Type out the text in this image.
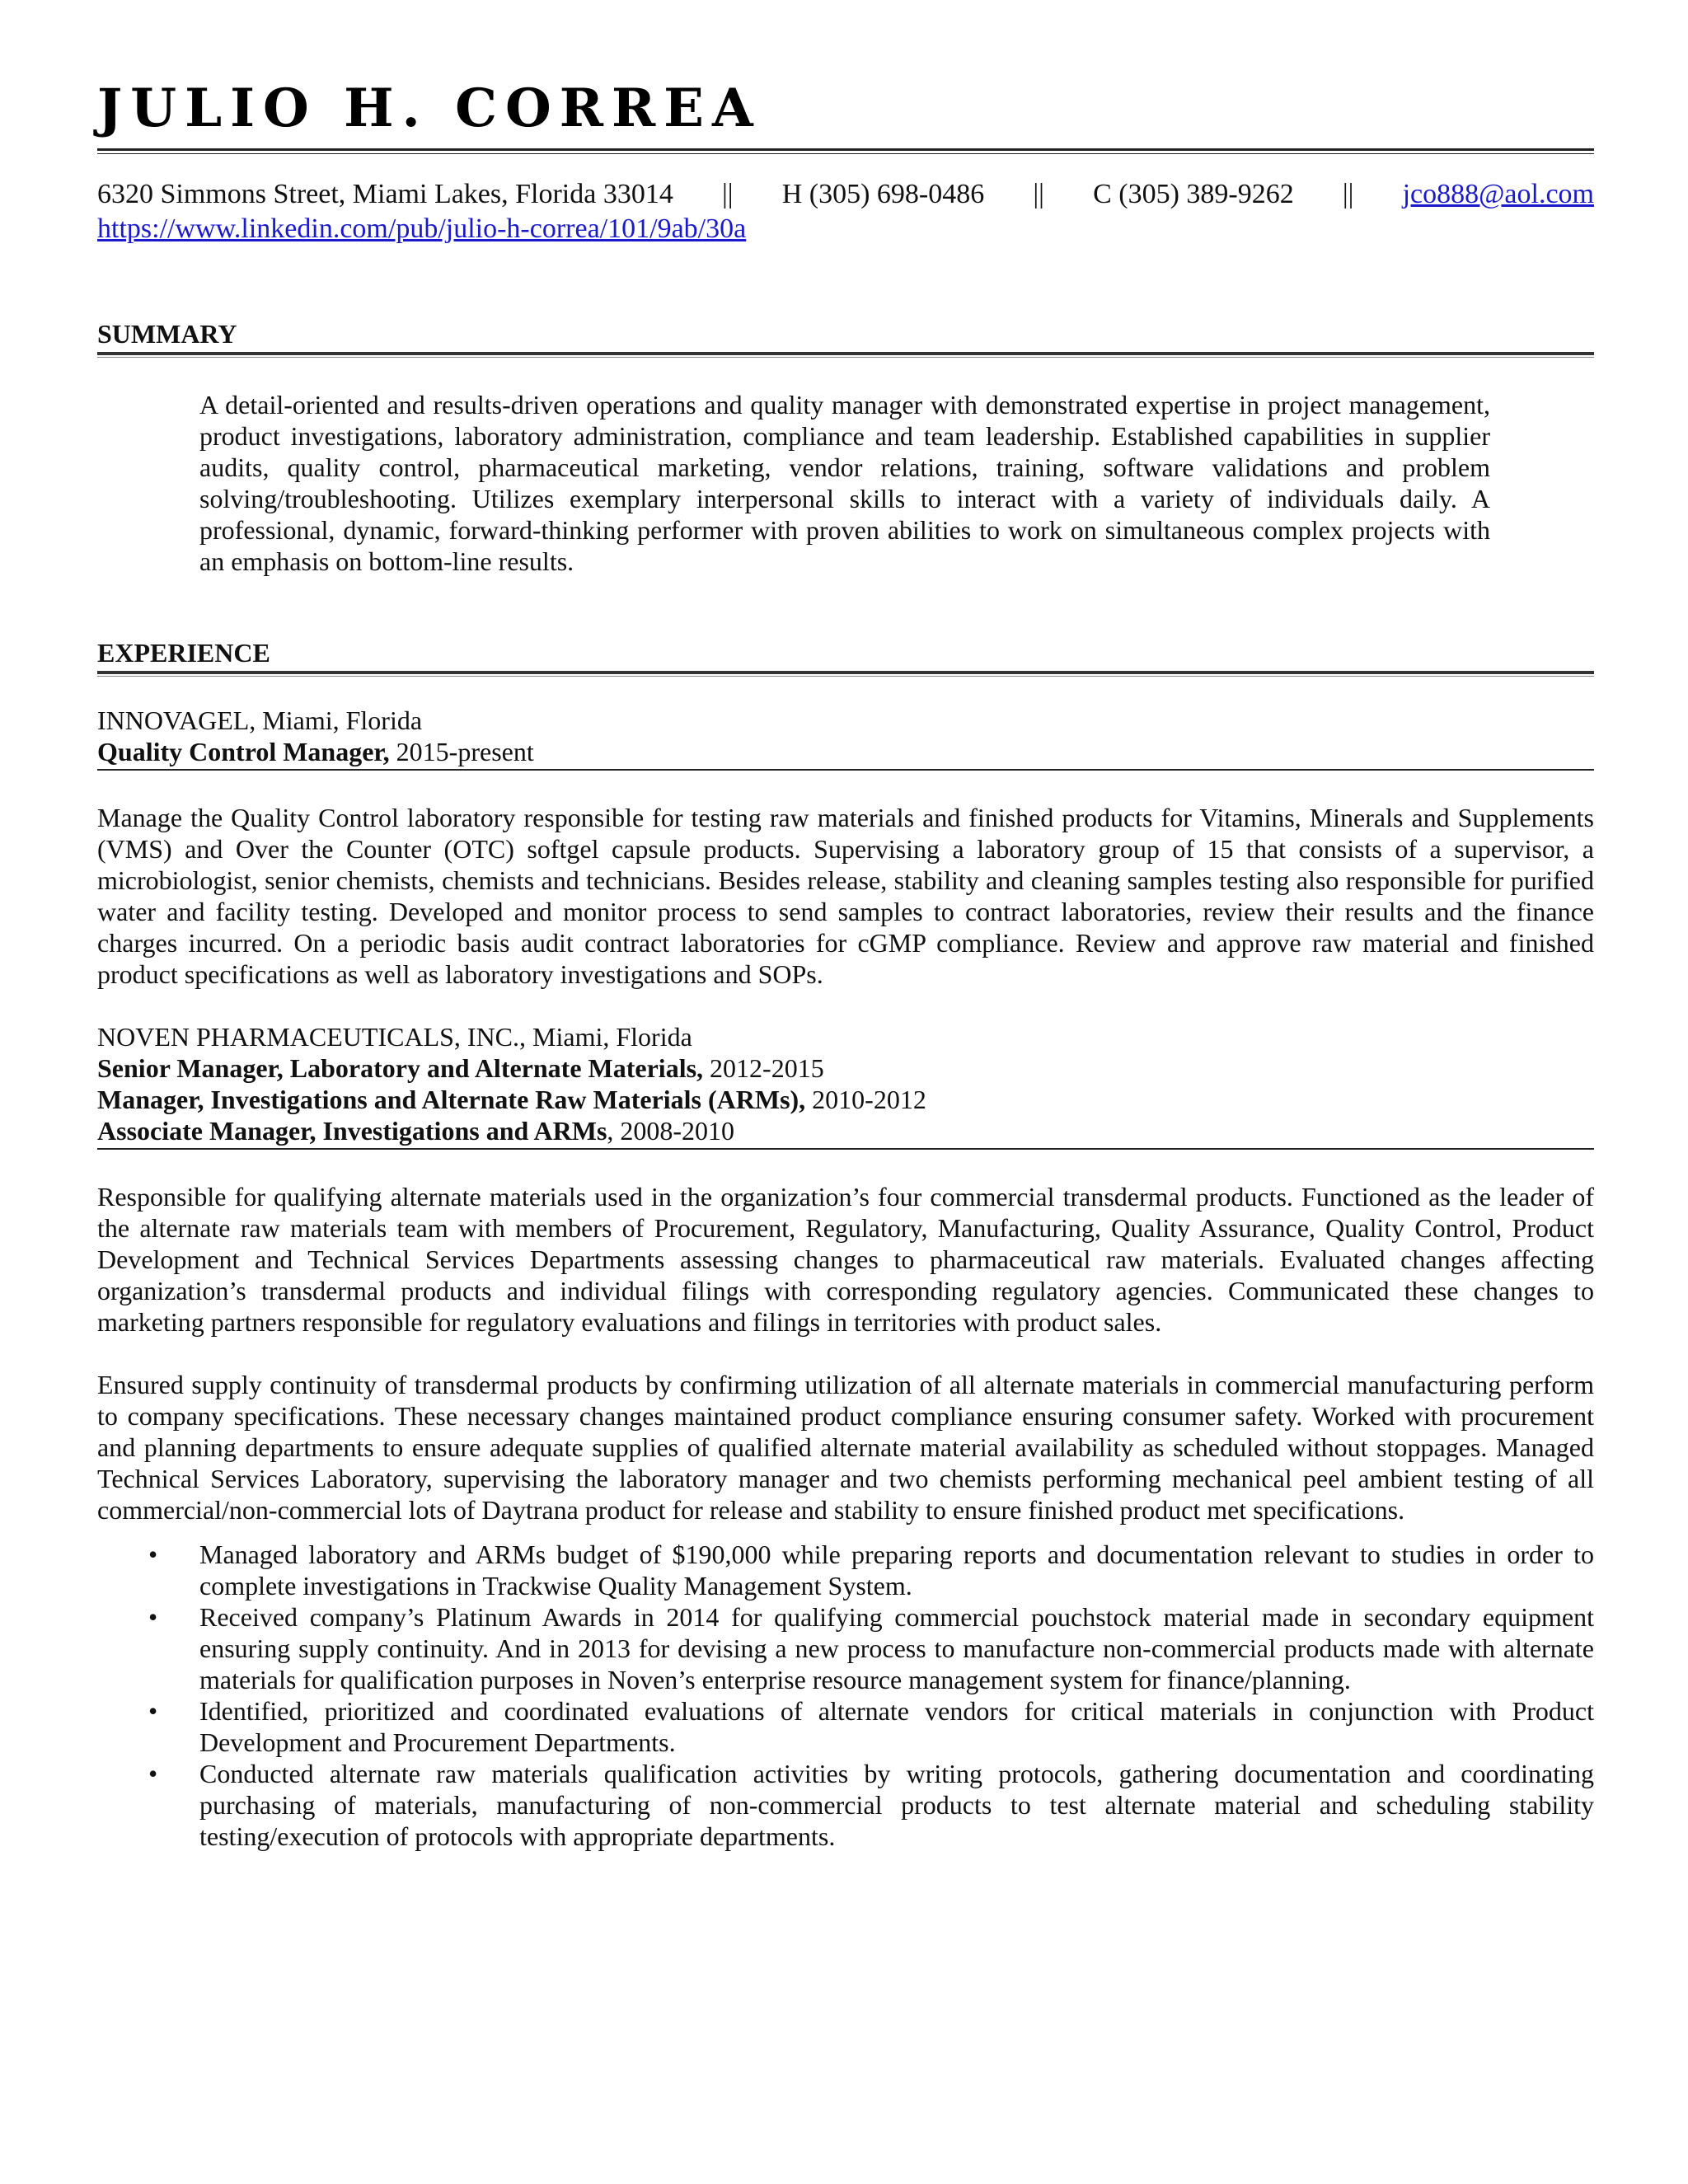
JULIO H. CORREA
6320 Simmons Street, Miami Lakes, Florida 33014 || H (305) 698-0486 || C (305) 389-9262 || jco888@aol.com
https://www.linkedin.com/pub/julio-h-correa/101/9ab/30a
SUMMARY

A detail-oriented and results-driven operations and quality manager with demonstrated expertise in project management, product investigations, laboratory administration, compliance and team leadership. Established capabilities in supplier audits, quality control, pharmaceutical marketing, vendor relations, training, software validations and problem solving/troubleshooting. Utilizes exemplary interpersonal skills to interact with a variety of individuals daily. A professional, dynamic, forward-thinking performer with proven abilities to work on simultaneous complex projects with an emphasis on bottom-line results.

EXPERIENCE
INNOVAGEL, Miami, Florida
Quality Control Manager, 2015-present

Manage the Quality Control laboratory responsible for testing raw materials and finished products for Vitamins, Minerals and Supplements (VMS) and Over the Counter (OTC) softgel capsule products. Supervising a laboratory group of 15 that consists of a supervisor, a microbiologist, senior chemists, chemists and technicians. Besides release, stability and cleaning samples testing also responsible for purified water and facility testing. Developed and monitor process to send samples to contract laboratories, review their results and the finance charges incurred. On a periodic basis audit contract laboratories for cGMP compliance. Review and approve raw material and finished product specifications as well as laboratory investigations and SOPs.

NOVEN PHARMACEUTICALS, INC., Miami, Florida
Senior Manager, Laboratory and Alternate Materials, 2012-2015
Manager, Investigations and Alternate Raw Materials (ARMs), 2010-2012
Associate Manager, Investigations and ARMs, 2008-2010

Responsible for qualifying alternate materials used in the organization’s four commercial transdermal products. Functioned as the leader of the alternate raw materials team with members of Procurement, Regulatory, Manufacturing, Quality Assurance, Quality Control, Product Development and Technical Services Departments assessing changes to pharmaceutical raw materials. Evaluated changes affecting organization’s transdermal products and individual filings with corresponding regulatory agencies. Communicated these changes to marketing partners responsible for regulatory evaluations and filings in territories with product sales.

Ensured supply continuity of transdermal products by confirming utilization of all alternate materials in commercial manufacturing perform to company specifications. These necessary changes maintained product compliance ensuring consumer safety. Worked with procurement and planning departments to ensure adequate supplies of qualified alternate material availability as scheduled without stoppages. Managed Technical Services Laboratory, supervising the laboratory manager and two chemists performing mechanical peel ambient testing of all commercial/non-commercial lots of Daytrana product for release and stability to ensure finished product met specifications.

• Managed laboratory and ARMs budget of $190,000 while preparing reports and documentation relevant to studies in order to complete investigations in Trackwise Quality Management System.
• Received company’s Platinum Awards in 2014 for qualifying commercial pouchstock material made in secondary equipment ensuring supply continuity. And in 2013 for devising a new process to manufacture non-commercial products made with alternate materials for qualification purposes in Noven’s enterprise resource management system for finance/planning.
• Identified, prioritized and coordinated evaluations of alternate vendors for critical materials in conjunction with Product Development and Procurement Departments.
• Conducted alternate raw materials qualification activities by writing protocols, gathering documentation and coordinating purchasing of materials, manufacturing of non-commercial products to test alternate material and scheduling stability testing/execution of protocols with appropriate departments.
